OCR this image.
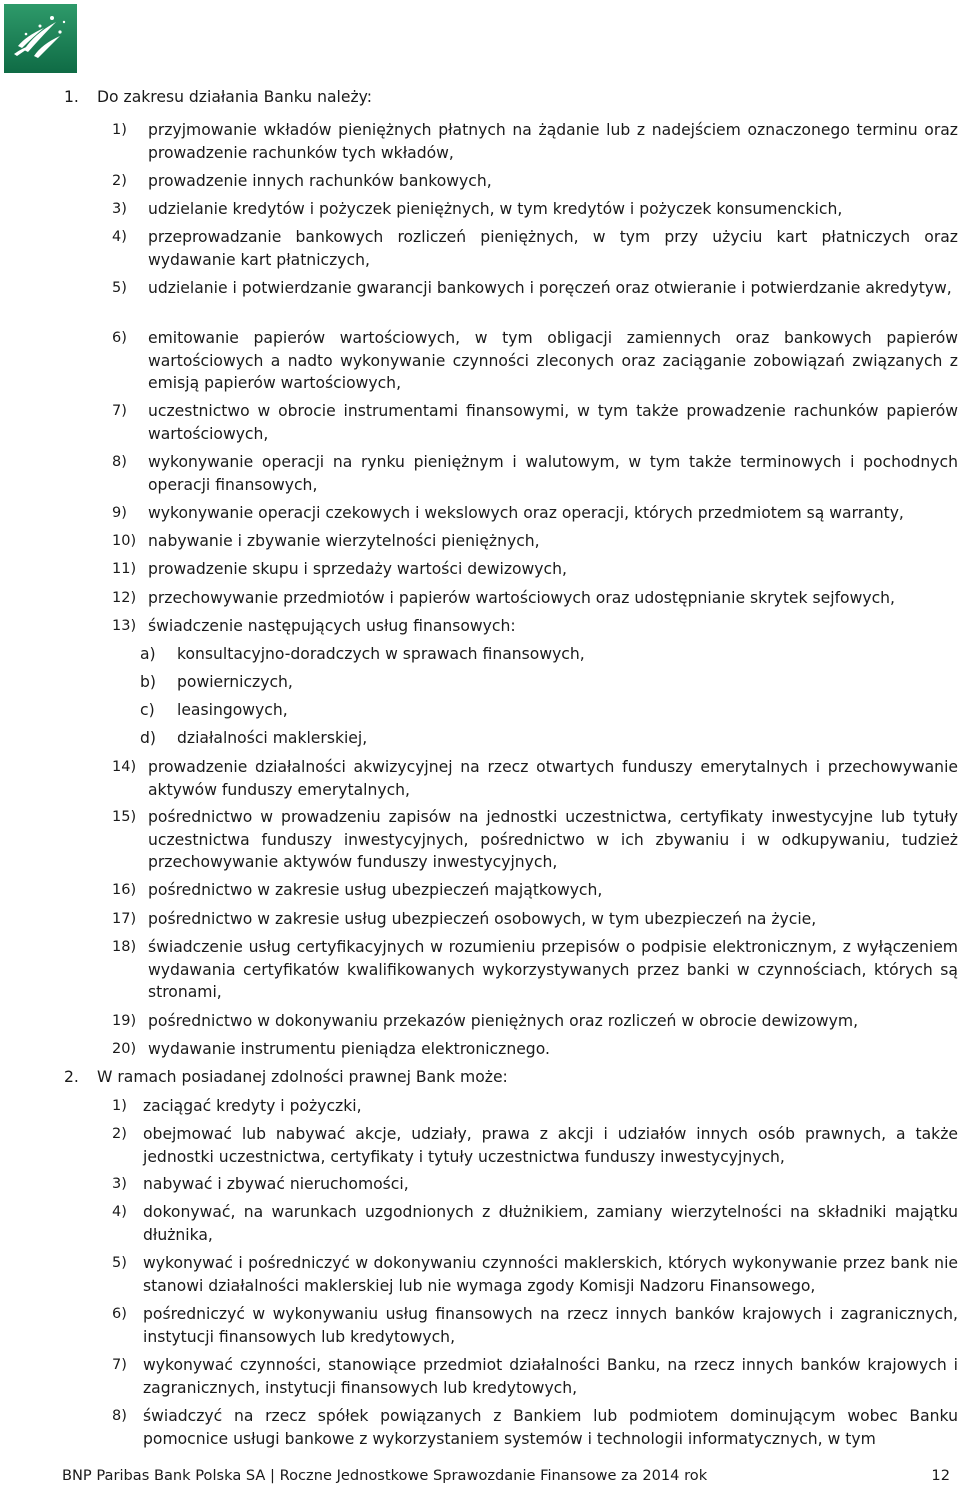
1. Do zakresu działania Banku należy:
1) przyjmowanie wkładów pieniężnych płatnych na żądanie lub z nadejściem oznaczonego terminu oraz prowadzenie rachunków tych wkładów,
2) prowadzenie innych rachunków bankowych,
3) udzielanie kredytów i pożyczek pieniężnych, w tym kredytów i pożyczek konsumenckich,
4) przeprowadzanie bankowych rozliczeń pieniężnych, w tym przy użyciu kart płatniczych oraz wydawanie kart płatniczych,
5) udzielanie i potwierdzanie gwarancji bankowych i poręczeń oraz otwieranie i potwierdzanie akredytyw,
6) emitowanie papierów wartościowych, w tym obligacji zamiennych oraz bankowych papierów wartościowych a nadto wykonywanie czynności zleconych oraz zaciąganie zobowiązań związanych z emisją papierów wartościowych,
7) uczestnictwo w obrocie instrumentami finansowymi, w tym także prowadzenie rachunków papierów wartościowych,
8) wykonywanie operacji na rynku pieniężnym i walutowym, w tym także terminowych i pochodnych operacji finansowych,
9) wykonywanie operacji czekowych i wekslowych oraz operacji, których przedmiotem są warranty,
10) nabywanie i zbywanie wierzytelności pieniężnych,
11) prowadzenie skupu i sprzedaży wartości dewizowych,
12) przechowywanie przedmiotów i papierów wartościowych oraz udostępnianie skrytek sejfowych,
13) świadczenie następujących usług finansowych:
a) konsultacyjno-doradczych w sprawach finansowych,
b) powierniczych,
c) leasingowych,
d) działalności maklerskiej,
14) prowadzenie działalności akwizycyjnej na rzecz otwartych funduszy emerytalnych i przechowywanie aktywów funduszy emerytalnych,
15) pośrednictwo w prowadzeniu zapisów na jednostki uczestnictwa, certyfikaty inwestycyjne lub tytuły uczestnictwa funduszy inwestycyjnych, pośrednictwo w ich zbywaniu i w odkupywaniu, tudzież przechowywanie aktywów funduszy inwestycyjnych,
16) pośrednictwo w zakresie usług ubezpieczeń majątkowych,
17) pośrednictwo w zakresie usług ubezpieczeń osobowych, w tym ubezpieczeń na życie,
18) świadczenie usług certyfikacyjnych w rozumieniu przepisów o podpisie elektronicznym, z wyłączeniem wydawania certyfikatów kwalifikowanych wykorzystywanych przez banki w czynnościach, których są stronami,
19) pośrednictwo w dokonywaniu przekazów pieniężnych oraz rozliczeń w obrocie dewizowym,
20) wydawanie instrumentu pieniądza elektronicznego.
2. W ramach posiadanej zdolności prawnej Bank może:
1) zaciągać kredyty i pożyczki,
2) obejmować lub nabywać akcje, udziały, prawa z akcji i udziałów innych osób prawnych, a także jednostki uczestnictwa, certyfikaty i tytuły uczestnictwa funduszy inwestycyjnych,
3) nabywać i zbywać nieruchomości,
4) dokonywać, na warunkach uzgodnionych z dłużnikiem, zamiany wierzytelności na składniki majątku dłużnika,
5) wykonywać i pośredniczyć w dokonywaniu czynności maklerskich, których wykonywanie przez bank nie stanowi działalności maklerskiej lub nie wymaga zgody Komisji Nadzoru Finansowego,
6) pośredniczyć w wykonywaniu usług finansowych na rzecz innych banków krajowych i zagranicznych, instytucji finansowych lub kredytowych,
7) wykonywać czynności, stanowiące przedmiot działalności Banku, na rzecz innych banków krajowych i zagranicznych, instytucji finansowych lub kredytowych,
8) świadczyć na rzecz spółek powiązanych z Bankiem lub podmiotem dominującym wobec Banku pomocnice usługi bankowe z wykorzystaniem systemów i technologii informatycznych, w tym
BNP Paribas Bank Polska SA | Roczne Jednostkowe Sprawozdanie Finansowe za 2014 rok	12
